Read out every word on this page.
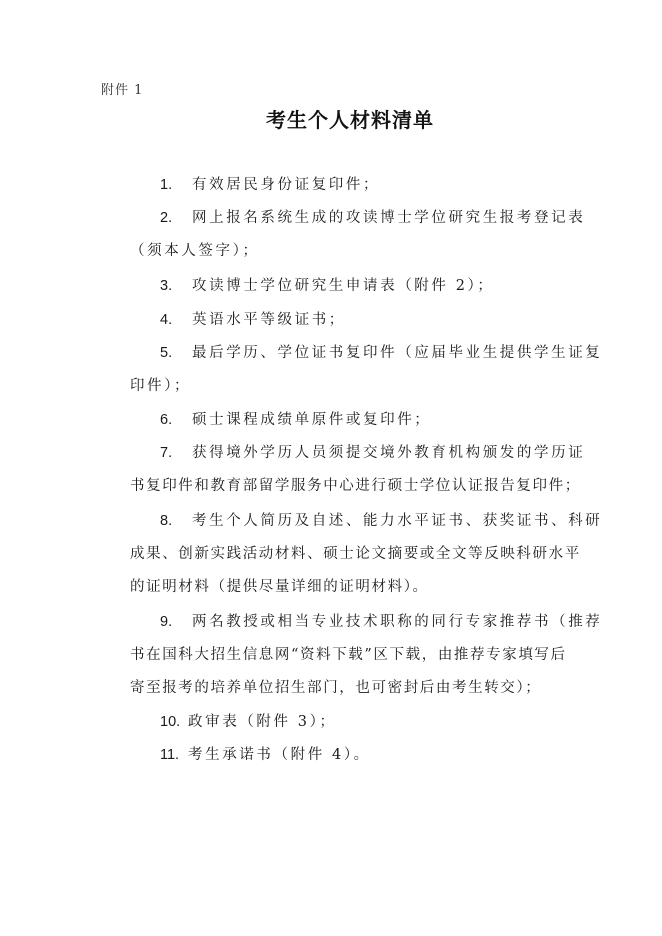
附件 1
考生个人材料清单
1. 有效居民身份证复印件；
2. 网上报名系统生成的攻读博士学位研究生报考登记表
（须本人签字）；
3. 攻读博士学位研究生申请表（附件 2）；
4. 英语水平等级证书；
5. 最后学历、学位证书复印件（应届毕业生提供学生证复
印件）；
6. 硕士课程成绩单原件或复印件；
7. 获得境外学历人员须提交境外教育机构颁发的学历证
书复印件和教育部留学服务中心进行硕士学位认证报告复印件；
8. 考生个人简历及自述、能力水平证书、获奖证书、科研
成果、创新实践活动材料、硕士论文摘要或全文等反映科研水平
的证明材料（提供尽量详细的证明材料）。
9. 两名教授或相当专业技术职称的同行专家推荐书（推荐
书在国科大招生信息网“资料下载”区下载，由推荐专家填写后
寄至报考的培养单位招生部门，也可密封后由考生转交）；
10. 政审表（附件 3）；
11. 考生承诺书（附件 4）。
